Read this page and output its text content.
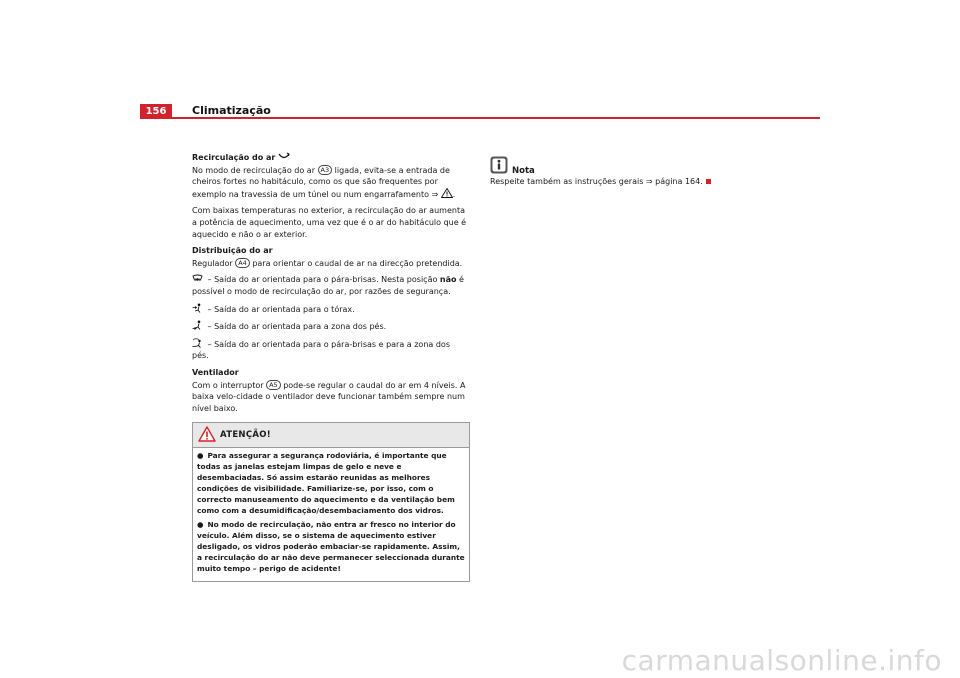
156	Climatização
Recirculação do ar

No modo de recirculação do ar A3 ligada, evita-se a entrada de cheiros fortes no habitáculo, como os que são frequentes por exemplo na travessia de um túnel ou num engarrafamento ⇒ .

Com baixas temperaturas no exterior, a recirculação do ar aumenta a potência de aquecimento, uma vez que é o ar do habitáculo que é aquecido e não o ar exterior.

Distribuição do ar

Regulador A4 para orientar o caudal de ar na direcção pretendida.

– Saída do ar orientada para o pára-brisas. Nesta posição não é possível o modo de recirculação do ar, por razões de segurança.

– Saída do ar orientada para o tórax.

– Saída do ar orientada para a zona dos pés.

– Saída do ar orientada para o pára-brisas e para a zona dos pés.

Ventilador

Com o interruptor A5 pode-se regular o caudal do ar em 4 níveis. A baixa velo-cidade o ventilador deve funcionar também sempre num nível baixo.

ATENÇÃO!

● Para assegurar a segurança rodoviária, é importante que todas as janelas estejam limpas de gelo e neve e desembaciadas. Só assim estarão reunidas as melhores condições de visibilidade. Familiarize-se, por isso, com o correcto manuseamento do aquecimento e da ventilação bem como com a desumidificação/desembaciamento dos vidros.

● No modo de recirculação, não entra ar fresco no interior do veículo. Além disso, se o sistema de aquecimento estiver desligado, os vidros poderão embaciar-se rapidamente. Assim, a recirculação do ar não deve permanecer seleccionada durante muito tempo – perigo de acidente!

Nota

Respeite também as instruções gerais ⇒ página 164.

carmanualsonline.info
